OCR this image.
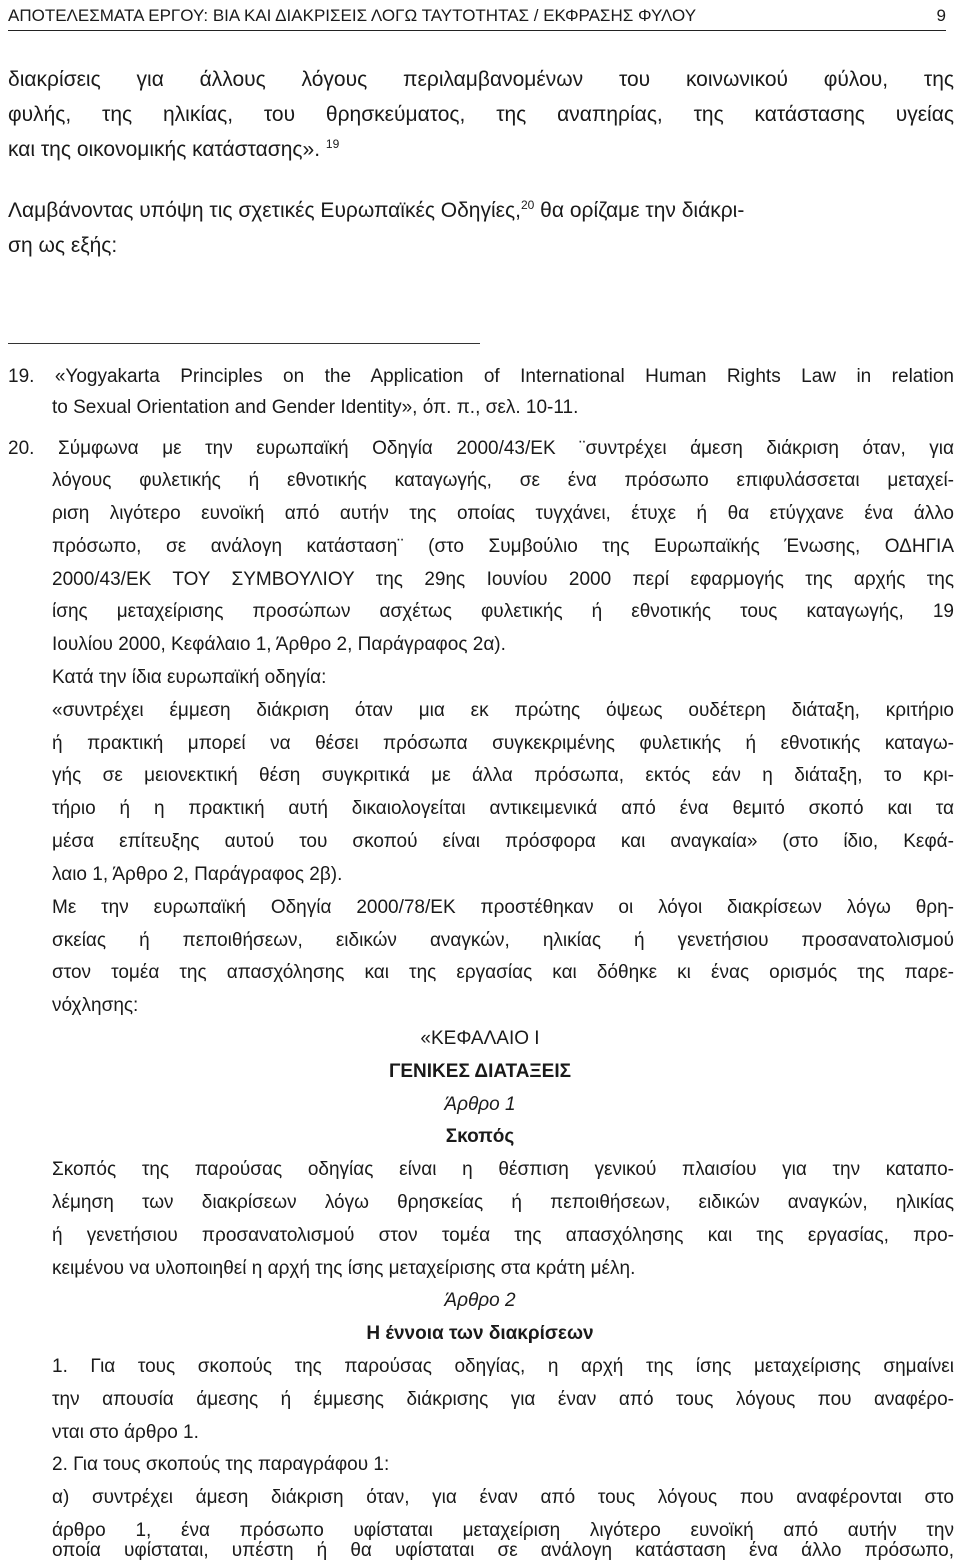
ΑΠΟΤΕΛΕΣΜΑΤΑ ΕΡΓΟΥ: ΒΙΑ ΚΑΙ ΔΙΑΚΡΙΣΕΙΣ ΛΟΓΩ ΤΑΥΤΟΤΗΤΑΣ / ΕΚΦΡΑΣΗΣ ΦΥΛΟΥ	9
διακρίσεις για άλλους λόγους περιλαμβανομένων του κοινωνικού φύλου, της
φυλής, της ηλικίας, του θρησκεύματος, της αναπηρίας, της κατάστασης υγείας
και της οικονομικής κατάστασης». $^{19}$
Λαμβάνοντας υπόψη τις σχετικές Ευρωπαϊκές Οδηγίες,$^{20}$ θα ορίζαμε την διάκρι-
ση ως εξής:
19. «Yogyakarta Principles on the Application of International Human Rights Law in relation
to Sexual Orientation and Gender Identity», όπ. π., σελ. 10-11.
20. Σύμφωνα με την ευρωπαϊκή Οδηγία 2000/43/ΕΚ ¨συντρέχει άμεση διάκριση όταν, για
λόγους φυλετικής ή εθνοτικής καταγωγής, σε ένα πρόσωπο επιφυλάσσεται μεταχεί-
ριση λιγότερο ευνοϊκή από αυτήν της οποίας τυγχάνει, έτυχε ή θα ετύγχανε ένα άλλο
πρόσωπο, σε ανάλογη κατάσταση¨ (στο Συμβούλιο της Ευρωπαϊκής Ένωσης, ΟΔΗΓΙΑ
2000/43/ΕΚ ΤΟΥ ΣΥΜΒΟΥΛΙΟΥ της 29ης Ιουνίου 2000 περί εφαρμογής της αρχής της
ίσης μεταχείρισης προσώπων ασχέτως φυλετικής ή εθνοτικής τους καταγωγής, 19
Ιουλίου 2000, Κεφάλαιο 1, Άρθρο 2, Παράγραφος 2α).
Κατά την ίδια ευρωπαϊκή οδηγία:
«συντρέχει έμμεση διάκριση όταν μια εκ πρώτης όψεως ουδέτερη διάταξη, κριτήριο
ή πρακτική μπορεί να θέσει πρόσωπα συγκεκριμένης φυλετικής ή εθνοτικής καταγω-
γής σε μειονεκτική θέση συγκριτικά με άλλα πρόσωπα, εκτός εάν η διάταξη, το κρι-
τήριο ή η πρακτική αυτή δικαιολογείται αντικειμενικά από ένα θεμιτό σκοπό και τα
μέσα επίτευξης αυτού του σκοπού είναι πρόσφορα και αναγκαία» (στο ίδιο, Κεφά-
λαιο 1, Άρθρο 2, Παράγραφος 2β).
Με την ευρωπαϊκή Οδηγία 2000/78/ΕΚ προστέθηκαν οι λόγοι διακρίσεων λόγω θρη-
σκείας ή πεποιθήσεων, ειδικών αναγκών, ηλικίας ή γενετήσιου προσανατολισμού
στον τομέα της απασχόλησης και της εργασίας και δόθηκε κι ένας ορισμός της παρε-
νόχλησης:
«ΚΕΦΑΛΑΙΟ Ι
ΓΕΝΙΚΕΣ ΔΙΑΤΑΞΕΙΣ
Άρθρο 1
Σκοπός
Σκοπός της παρούσας οδηγίας είναι η θέσπιση γενικού πλαισίου για την καταπο-
λέμηση των διακρίσεων λόγω θρησκείας ή πεποιθήσεων, ειδικών αναγκών, ηλικίας
ή γενετήσιου προσανατολισμού στον τομέα της απασχόλησης και της εργασίας, προ-
κειμένου να υλοποιηθεί η αρχή της ίσης μεταχείρισης στα κράτη μέλη.
Άρθρο 2
Η έννοια των διακρίσεων
1. Για τους σκοπούς της παρούσας οδηγίας, η αρχή της ίσης μεταχείρισης σημαίνει
την απουσία άμεσης ή έμμεσης διάκρισης για έναν από τους λόγους που αναφέρο-
νται στο άρθρο 1.
2. Για τους σκοπούς της παραγράφου 1:
α) συντρέχει άμεση διάκριση όταν, για έναν από τους λόγους που αναφέρονται στο
άρθρο 1, ένα πρόσωπο υφίσταται μεταχείριση λιγότερο ευνοϊκή από αυτήν την
οποία υφίσταται, υπέστη ή θα υφίσταται σε ανάλογη κατάσταση ένα άλλο πρόσωπο,
